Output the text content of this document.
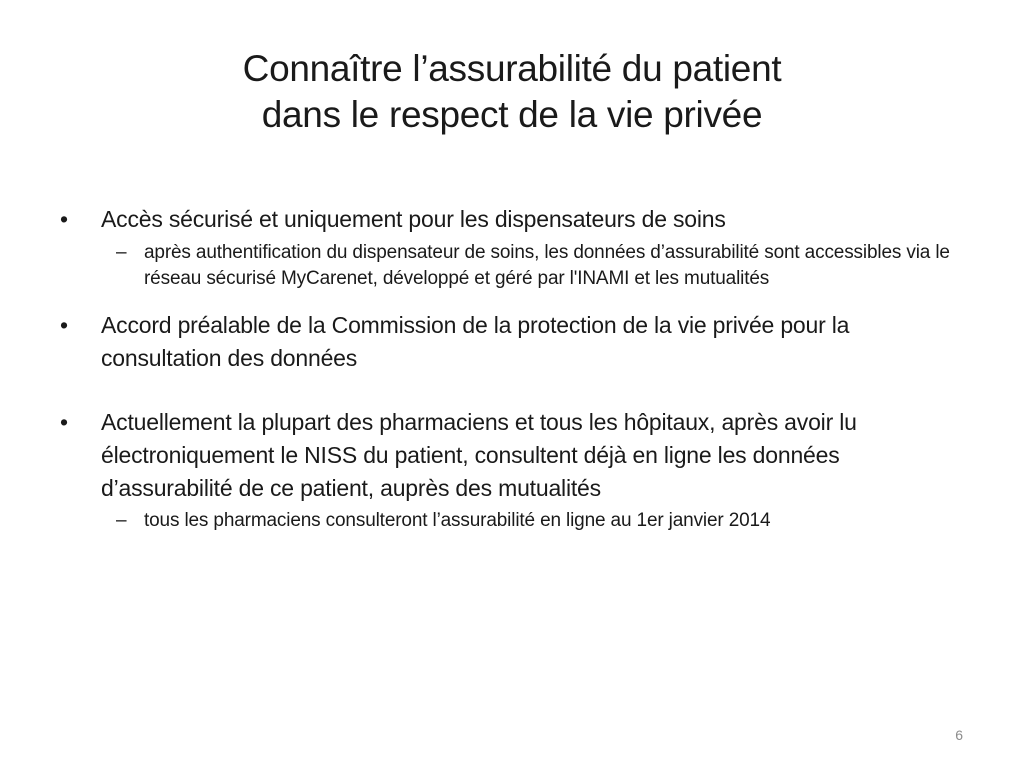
Connaître l’assurabilité du patient
dans le respect de la vie privée
•	Accès sécurisé et uniquement pour les dispensateurs de soins
– après authentification du dispensateur de soins, les données d’assurabilité sont accessibles via le réseau sécurisé MyCarenet, développé et géré par l'INAMI et les mutualités
•	Accord préalable de la Commission de la protection de la vie privée pour la consultation des données
•	Actuellement la plupart des pharmaciens et tous les hôpitaux, après avoir lu électroniquement le NISS du patient, consultent déjà en ligne les données d’assurabilité de ce patient, auprès des mutualités
– tous les pharmaciens consulteront l’assurabilité en ligne au 1er janvier 2014
6
